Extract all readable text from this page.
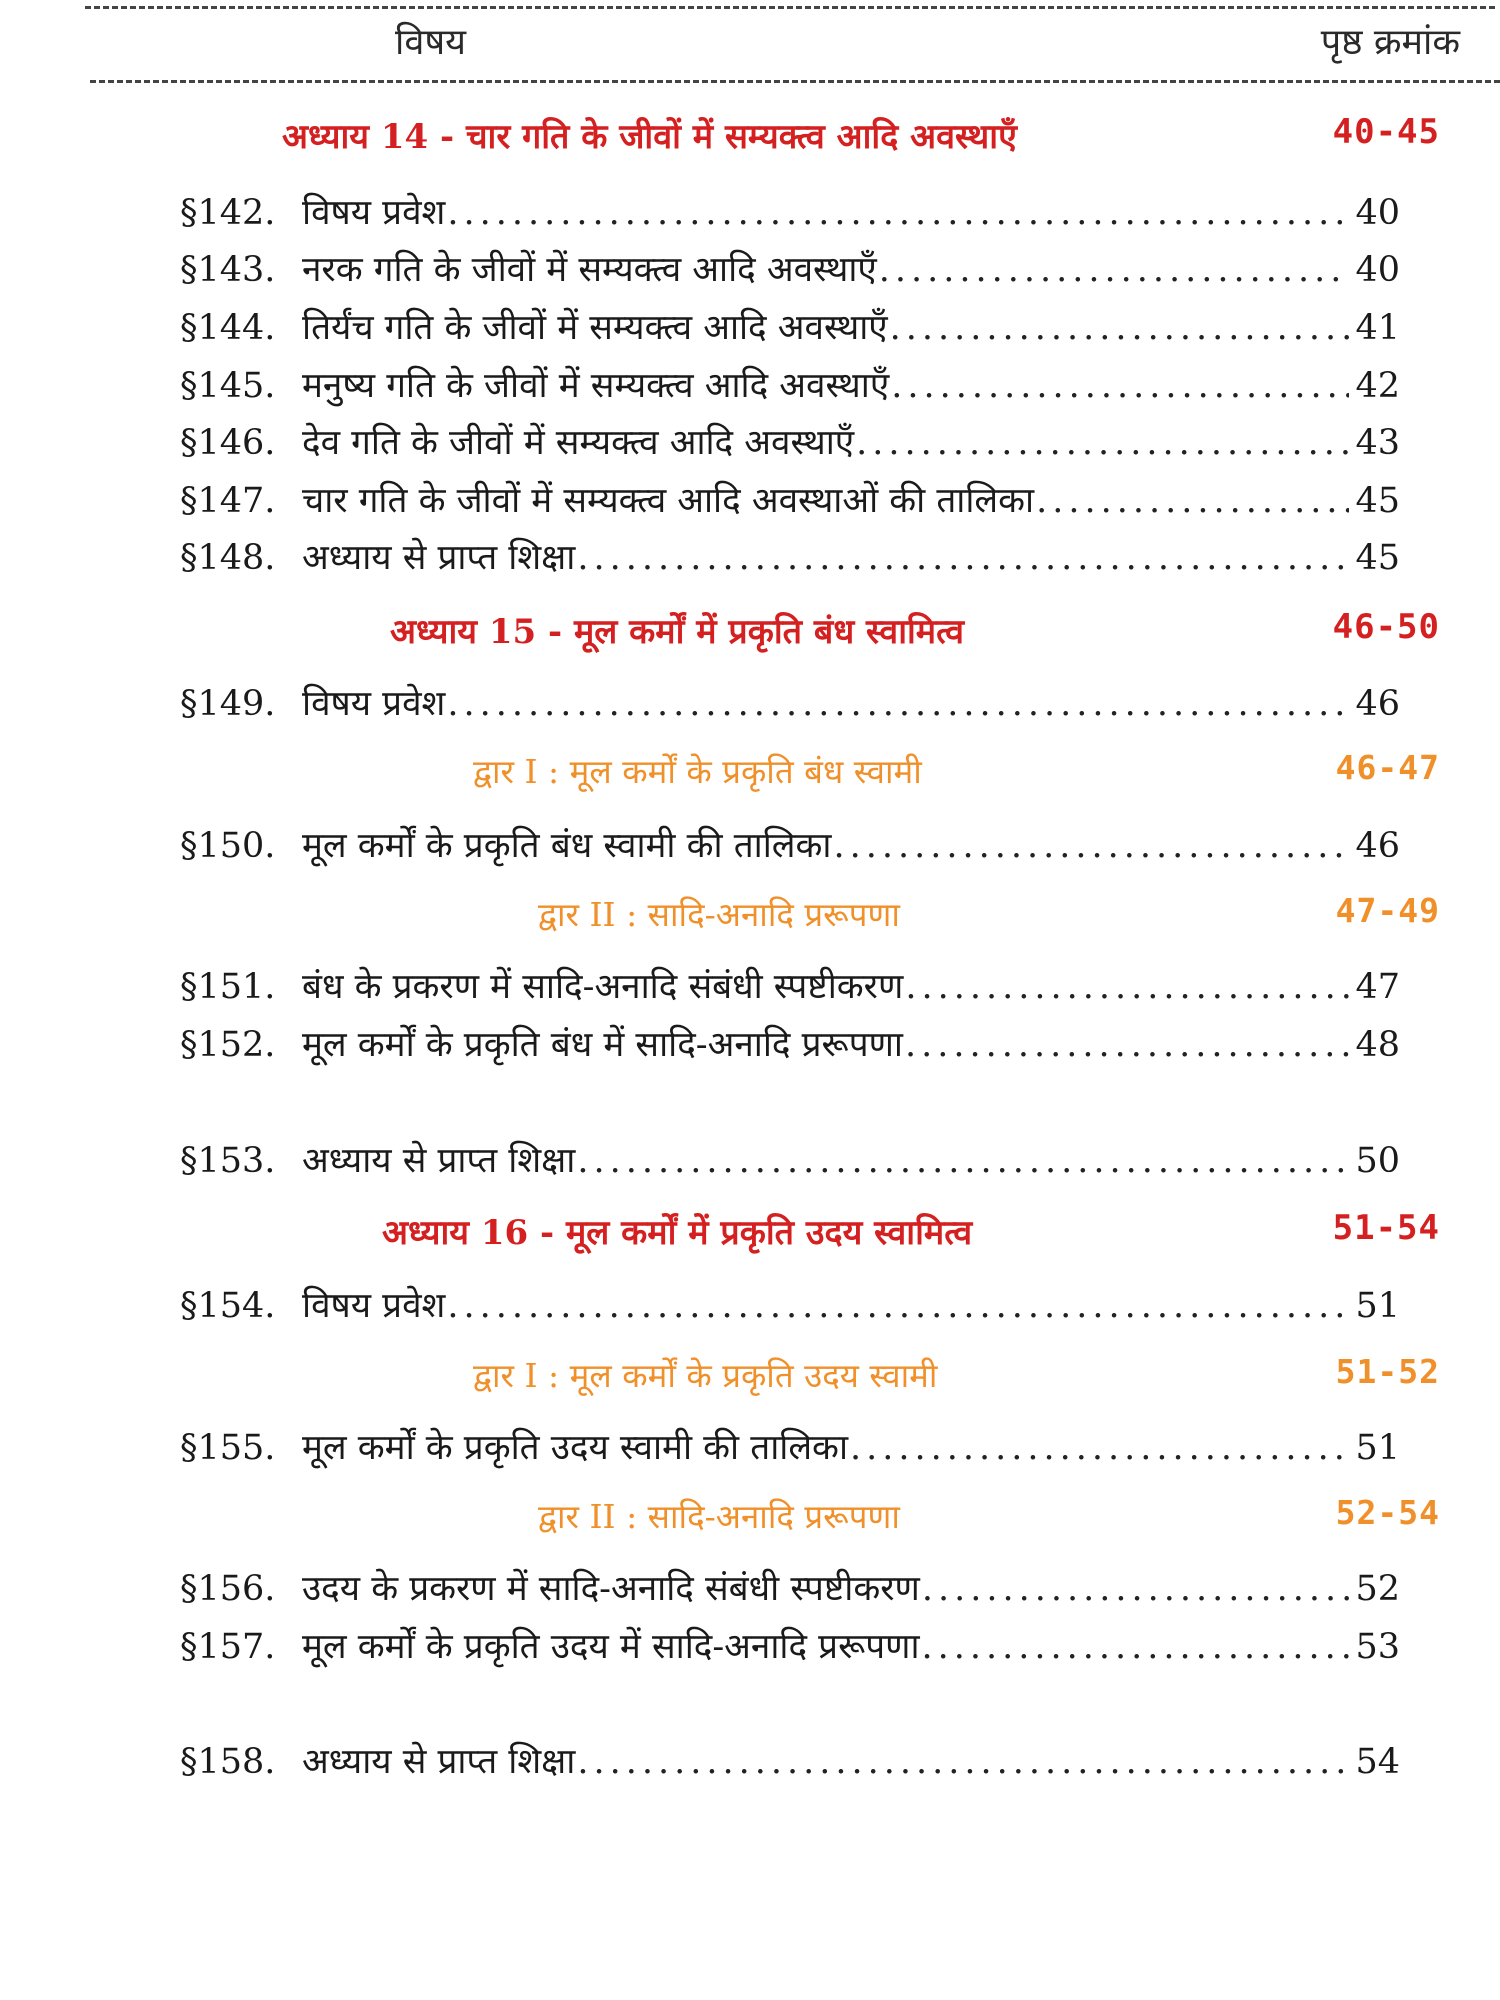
विषय	पृष्ठ क्रमांक
अध्याय 14 - चार गति के जीवों में सम्यक्त्व आदि अवस्थाएँ	40-45
§142. विषय प्रवेश .....	40
§143. नरक गति के जीवों में सम्यक्त्व आदि अवस्थाएँ .....	40
§144. तिर्यंच गति के जीवों में सम्यक्त्व आदि अवस्थाएँ .....	41
§145. मनुष्य गति के जीवों में सम्यक्त्व आदि अवस्थाएँ .....	42
§146. देव गति के जीवों में सम्यक्त्व आदि अवस्थाएँ .....	43
§147. चार गति के जीवों में सम्यक्त्व आदि अवस्थाओं की तालिका .....	45
§148. अध्याय से प्राप्त शिक्षा .....	45
अध्याय 15 - मूल कर्मों में प्रकृति बंध स्वामित्व	46-50
§149. विषय प्रवेश .....	46
द्वार I : मूल कर्मों के प्रकृति बंध स्वामी	46-47
§150. मूल कर्मों के प्रकृति बंध स्वामी की तालिका .....	46
द्वार II : सादि-अनादि प्ररूपणा	47-49
§151. बंध के प्रकरण में सादि-अनादि संबंधी स्पष्टीकरण .....	47
§152. मूल कर्मों के प्रकृति बंध में सादि-अनादि प्ररूपणा .....	48
§153. अध्याय से प्राप्त शिक्षा .....	50
अध्याय 16 - मूल कर्मों में प्रकृति उदय स्वामित्व	51-54
§154. विषय प्रवेश .....	51
द्वार I : मूल कर्मों के प्रकृति उदय स्वामी	51-52
§155. मूल कर्मों के प्रकृति उदय स्वामी की तालिका .....	51
द्वार II : सादि-अनादि प्ररूपणा	52-54
§156. उदय के प्रकरण में सादि-अनादि संबंधी स्पष्टीकरण .....	52
§157. मूल कर्मों के प्रकृति उदय में सादि-अनादि प्ररूपणा .....	53
§158. अध्याय से प्राप्त शिक्षा .....	54
